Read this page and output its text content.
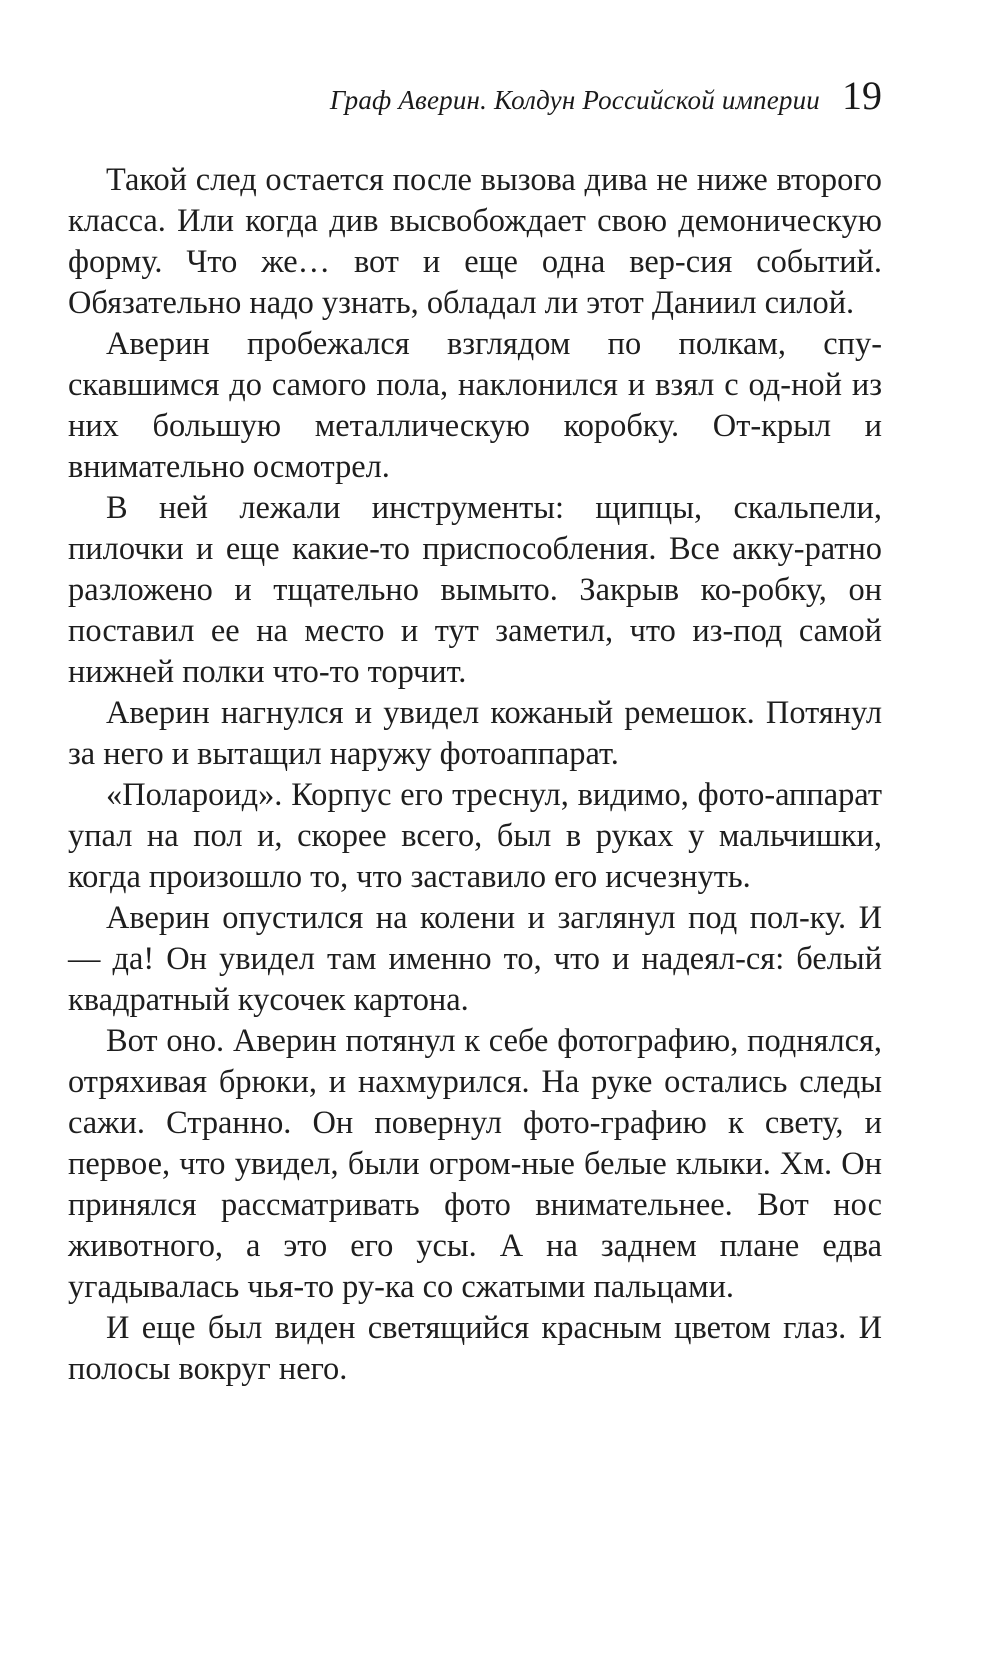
Граф Аверин. Колдун Российской империи 19

Такой след остается после вызова дива не ниже второго класса. Или когда див высвобождает свою демоническую форму. Что же… вот и еще одна вер-сия событий. Обязательно надо узнать, обладал ли этот Даниил силой.

Аверин пробежался взглядом по полкам, спу-скавшимся до самого пола, наклонился и взял с од-ной из них большую металлическую коробку. От-крыл и внимательно осмотрел.

В ней лежали инструменты: щипцы, скальпели, пилочки и еще какие-то приспособления. Все акку-ратно разложено и тщательно вымыто. Закрыв ко-робку, он поставил ее на место и тут заметил, что из-под самой нижней полки что-то торчит.

Аверин нагнулся и увидел кожаный ремешок. Потянул за него и вытащил наружу фотоаппарат.

«Полароид». Корпус его треснул, видимо, фото-аппарат упал на пол и, скорее всего, был в руках у мальчишки, когда произошло то, что заставило его исчезнуть.

Аверин опустился на колени и заглянул под пол-ку. И — да! Он увидел там именно то, что и надеял-ся: белый квадратный кусочек картона.

Вот оно. Аверин потянул к себе фотографию, поднялся, отряхивая брюки, и нахмурился. На руке остались следы сажи. Странно. Он повернул фото-графию к свету, и первое, что увидел, были огром-ные белые клыки. Хм. Он принялся рассматривать фото внимательнее. Вот нос животного, а это его усы. А на заднем плане едва угадывалась чья-то ру-ка со сжатыми пальцами.

И еще был виден светящийся красным цветом глаз. И полосы вокруг него.
